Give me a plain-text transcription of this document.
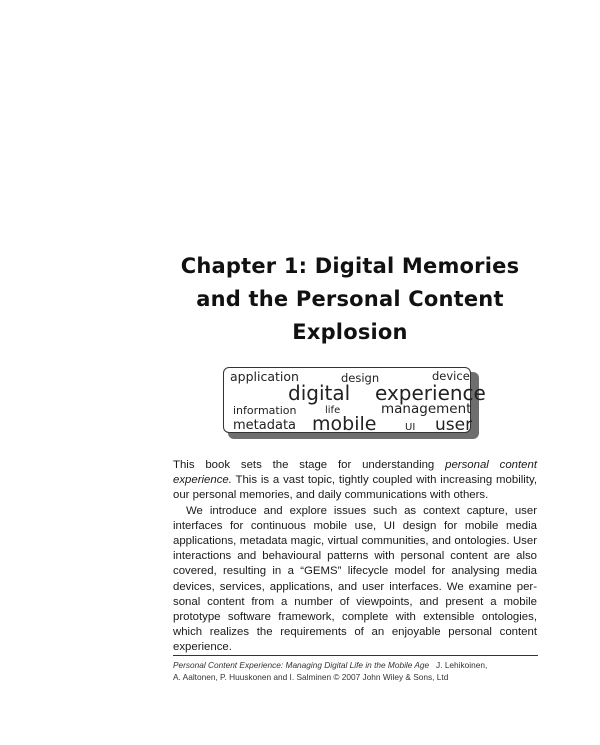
Chapter 1: Digital Memories
and the Personal Content
Explosion
application	design	device
digital experience
information	life	management
metadata mobile	UI user

This book sets the stage for understanding personal content experience. This is a vast topic, tightly coupled with increasing mobility, our personal memories, and daily communications with others.

We introduce and explore issues such as context capture, user interfaces for continuous mobile use, UI design for mobile media applications, metadata magic, virtual communities, and ontologies. User interactions and behavioural patterns with personal content are also covered, resulting in a “GEMS” lifecycle model for analysing media devices, services, applications, and user interfaces. We examine personal content from a number of viewpoints, and present a mobile prototype software framework, complete with extensible ontologies, which realizes the requirements of an enjoyable personal content experience.

Personal Content Experience: Managing Digital Life in the Mobile Age   J. Lehikoinen,
A. Aaltonen, P. Huuskonen and I. Salminen © 2007 John Wiley & Sons, Ltd
